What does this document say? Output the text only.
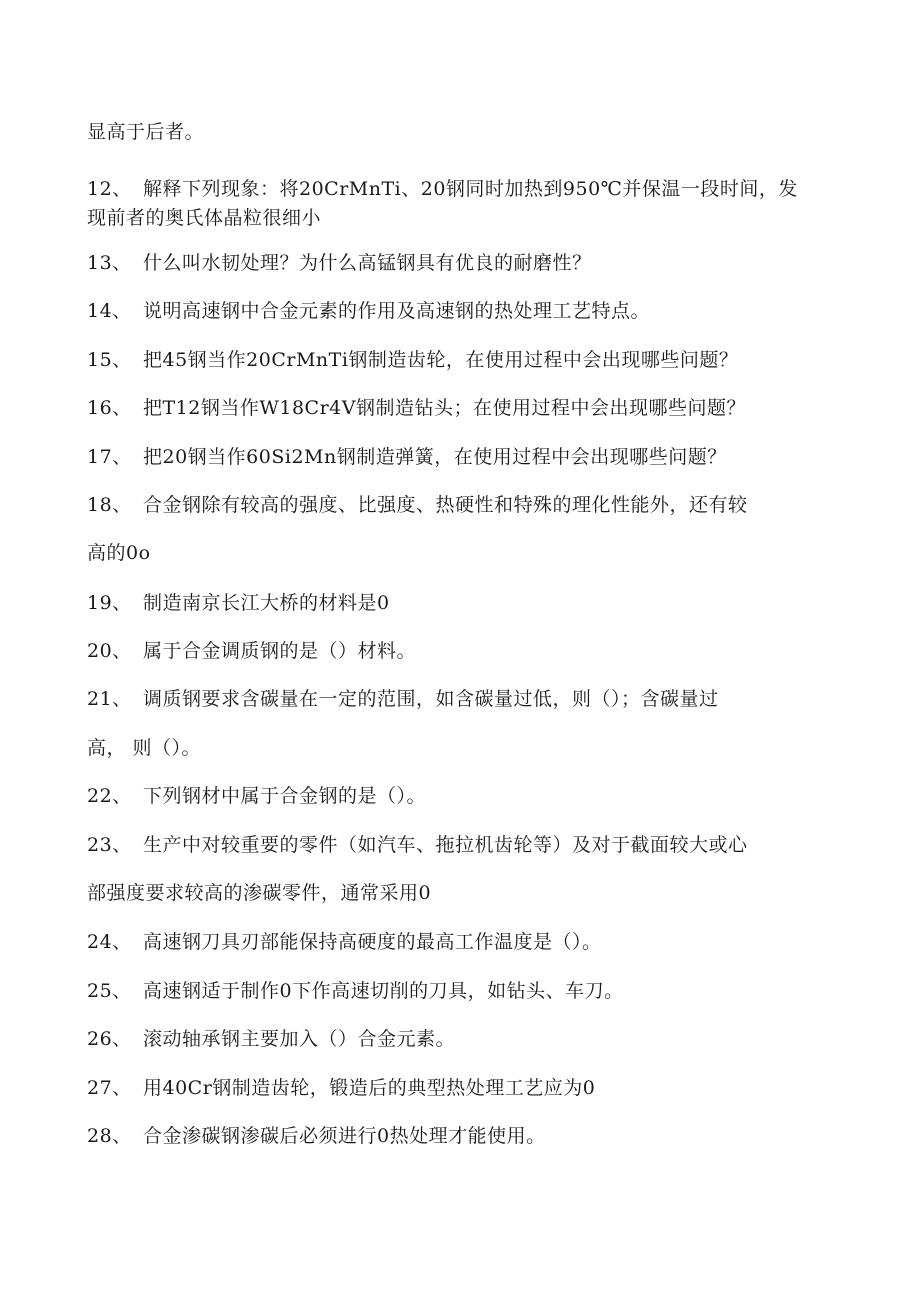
显高于后者。
12、 解释下列现象：将20CrMnTi、20钢同时加热到950℃并保温一段时间，发
现前者的奥氏体晶粒很细小
13、 什么叫水韧处理？为什么高锰钢具有优良的耐磨性？
14、 说明高速钢中合金元素的作用及高速钢的热处理工艺特点。
15、 把45钢当作20CrMnTi钢制造齿轮，在使用过程中会出现哪些问题？
16、 把T12钢当作W18Cr4V钢制造钻头；在使用过程中会出现哪些问题？
17、 把20钢当作60Si2Mn钢制造弹簧，在使用过程中会出现哪些问题？
18、 合金钢除有较高的强度、比强度、热硬性和特殊的理化性能外，还有较
高的0o
19、 制造南京长江大桥的材料是0
20、 属于合金调质钢的是（）材料。
21、 调质钢要求含碳量在一定的范围，如含碳量过低，则（）；含碳量过
高， 则（）。
22、 下列钢材中属于合金钢的是（）。
23、 生产中对较重要的零件（如汽车、拖拉机齿轮等）及对于截面较大或心
部强度要求较高的渗碳零件，通常采用0
24、 高速钢刀具刃部能保持高硬度的最高工作温度是（）。
25、 高速钢适于制作0下作高速切削的刀具，如钻头、车刀。
26、 滚动轴承钢主要加入（）合金元素。
27、 用40Cr钢制造齿轮，锻造后的典型热处理工艺应为0
28、 合金渗碳钢渗碳后必须进行0热处理才能使用。
